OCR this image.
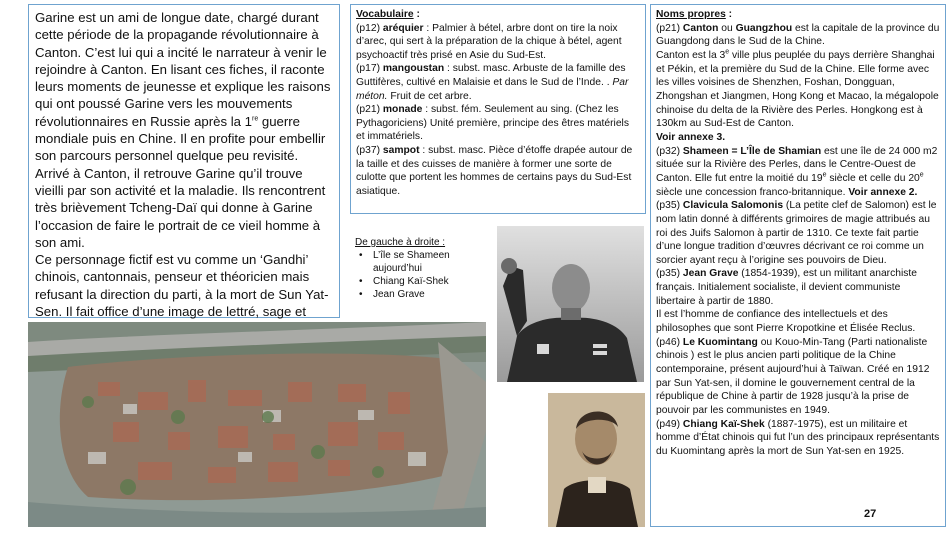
Garine est un ami de longue date, chargé durant cette période de la propagande révolutionnaire à Canton. C’est lui qui a incité le narrateur à venir le rejoindre à Canton. En lisant ces fiches, il raconte leurs moments de jeunesse et explique les raisons qui ont poussé Garine vers les mouvements révolutionnaires en Russie après la 1re guerre mondiale puis en Chine. Il en profite pour embellir son parcours personnel quelque peu revisité.

Arrivé à Canton, il retrouve Garine qu’il trouve vieilli par son activité et la maladie. Ils rencontrent très brièvement Tcheng-Daï qui donne à Garine l’occasion de faire le portrait de ce vieil homme à son ami.

Ce personnage fictif est vu comme un ‘Gandhi’ chinois, cantonnais, penseur et théoricien mais refusant la direction du parti, à la mort de Sun Yat-Sen. Il fait office d’une image de lettré, sage et

Vocabulaire :

(p12) aréquier : Palmier à bétel, arbre dont on tire la noix d’arec, qui sert à la préparation de la chique à bétel, agent psychoactif très prisé en Asie du Sud-Est.

(p17) mangoustan : subst. masc. Arbuste de la famille des Guttifères, cultivé en Malaisie et dans le Sud de l’Inde. . Par méton. Fruit de cet arbre.

(p21) monade : subst. fém. Seulement au sing. (Chez les Pythagoriciens) Unité première, principe des êtres matériels et immatériels.

(p37) sampot : subst. masc. Pièce d’étoffe drapée autour de la taille et des cuisses de manière à former une sorte de culotte que portent les hommes de certains pays du Sud-Est asiatique.

De gauche à droite :
• L’île se Shameen aujourd’hui
• Chiang Kaï-Shek
• Jean Grave

Noms propres :

(p21) Canton ou Guangzhou est la capitale de la province du Guangdong dans le Sud de la Chine.

Canton est la 3e ville plus peuplée du pays derrière Shanghai et Pékin, et la première du Sud de la Chine. Elle forme avec les villes voisines de Shenzhen, Foshan, Dongguan, Zhongshan et Jiangmen, Hong Kong et Macao, la mégalopole chinoise du delta de la Rivière des Perles. Hongkong est à 130km au Sud-Est de Canton.

Voir annexe 3.

(p32) Shameen = L’Île de Shamian est une île de 24 000 m2 située sur la Rivière des Perles, dans le Centre-Ouest de Canton. Elle fut entre la moitié du 19e siècle et celle du 20e siècle une concession franco-britannique. Voir annexe 2.

(p35) Clavicula Salomonis (La petite clef de Salomon) est le nom latin donné à différents grimoires de magie attribués au roi des Juifs Salomon à partir de 1310. Ce texte fait partie d’une longue tradition d’œuvres décrivant ce roi comme un sorcier ayant reçu à l’origine ses pouvoirs de Dieu.

(p35) Jean Grave (1854-1939), est un militant anarchiste français. Initialement socialiste, il devient communiste libertaire à partir de 1880.

Il est l’homme de confiance des intellectuels et des philosophes que sont Pierre Kropotkine et Élisée Reclus.

(p46) Le Kuomintang ou Kouo-Min-Tang (Parti nationaliste chinois ) est le plus ancien parti politique de la Chine contemporaine, présent aujourd’hui à Taïwan. Créé en 1912 par Sun Yat-sen, il domine le gouvernement central de la république de Chine à partir de 1928 jusqu’à la prise de pouvoir par les communistes en 1949.

(p49) Chiang Kaï-Shek (1887-1975), est un militaire et homme d’État chinois qui fut l’un des principaux représentants du Kuomintang après la mort de Sun Yat-sen en 1925.

27
